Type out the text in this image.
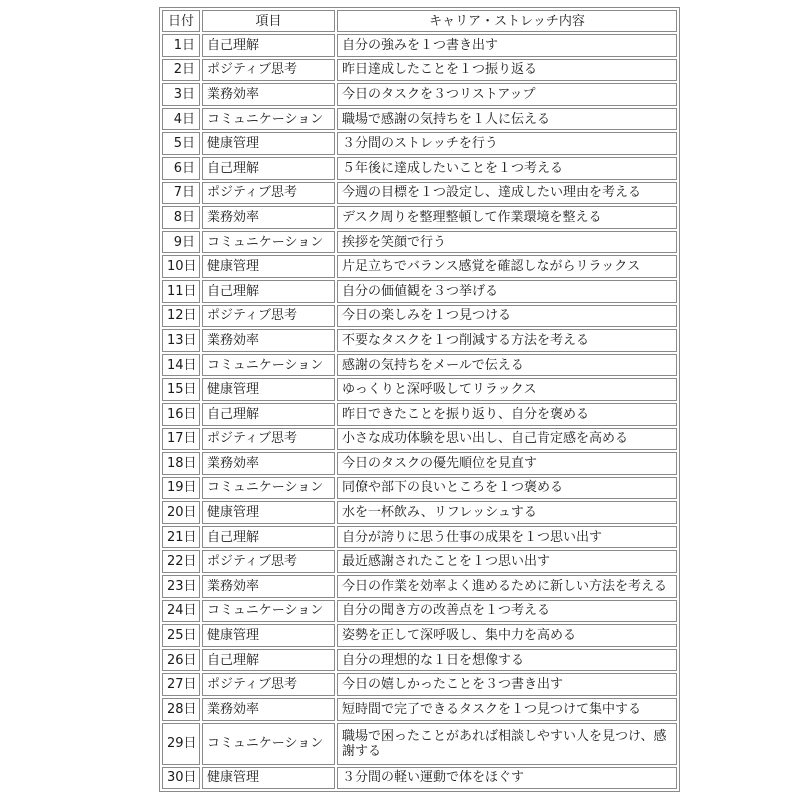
日付	項目	キャリア・ストレッチ内容
1日	自己理解	自分の強みを１つ書き出す
2日	ポジティブ思考	昨日達成したことを１つ振り返る
3日	業務効率	今日のタスクを３つリストアップ
4日	コミュニケーション	職場で感謝の気持ちを１人に伝える
5日	健康管理	３分間のストレッチを行う
6日	自己理解	５年後に達成したいことを１つ考える
7日	ポジティブ思考	今週の目標を１つ設定し、達成したい理由を考える
8日	業務効率	デスク周りを整理整頓して作業環境を整える
9日	コミュニケーション	挨拶を笑顔で行う
10日	健康管理	片足立ちでバランス感覚を確認しながらリラックス
11日	自己理解	自分の価値観を３つ挙げる
12日	ポジティブ思考	今日の楽しみを１つ見つける
13日	業務効率	不要なタスクを１つ削減する方法を考える
14日	コミュニケーション	感謝の気持ちをメールで伝える
15日	健康管理	ゆっくりと深呼吸してリラックス
16日	自己理解	昨日できたことを振り返り、自分を褒める
17日	ポジティブ思考	小さな成功体験を思い出し、自己肯定感を高める
18日	業務効率	今日のタスクの優先順位を見直す
19日	コミュニケーション	同僚や部下の良いところを１つ褒める
20日	健康管理	水を一杯飲み、リフレッシュする
21日	自己理解	自分が誇りに思う仕事の成果を１つ思い出す
22日	ポジティブ思考	最近感謝されたことを１つ思い出す
23日	業務効率	今日の作業を効率よく進めるために新しい方法を考える
24日	コミュニケーション	自分の聞き方の改善点を１つ考える
25日	健康管理	姿勢を正して深呼吸し、集中力を高める
26日	自己理解	自分の理想的な１日を想像する
27日	ポジティブ思考	今日の嬉しかったことを３つ書き出す
28日	業務効率	短時間で完了できるタスクを１つ見つけて集中する
29日	コミュニケーション	職場で困ったことがあれば相談しやすい人を見つけ、感謝する
30日	健康管理	３分間の軽い運動で体をほぐす
